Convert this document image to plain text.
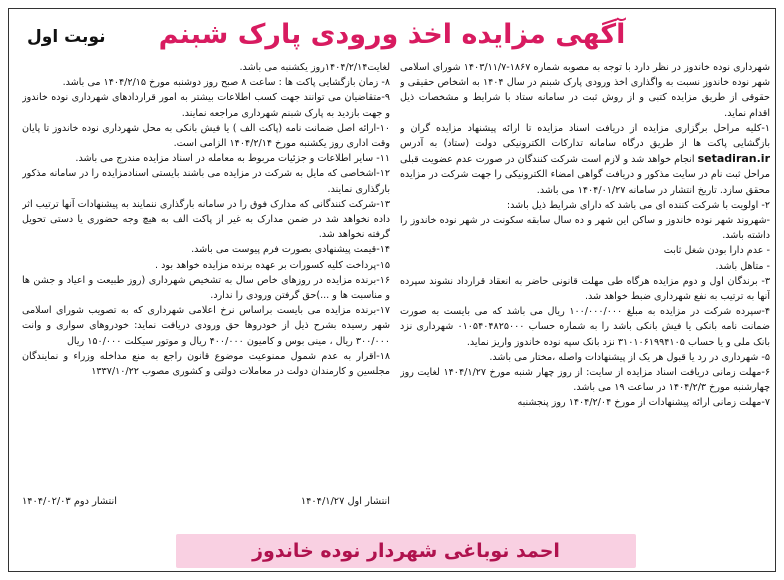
نوبت اول	آگهی مزایده اخذ ورودی پارک شبنم

شهرداری نوده خاندوز در نظر دارد با توجه به مصوبه شماره ۱۸۶۷-۱۴۰۳/۱۱/۷ شورای اسلامی شهر نوده خاندوز نسبت به واگذاری اخذ ورودی پارک شبنم در سال ۱۴۰۴ به اشخاص حقیقی و حقوقی از طریق مزایده کتبی و از روش ثبت در سامانه ستاد با شرایط و مشخصات ذیل اقدام نماید.

۱-کلیه مراحل برگزاری مزایده از دریافت اسناد مزایده تا ارائه پیشنهاد مزایده گران و بازگشایی پاکت ها از طریق درگاه سامانه تدارکات الکترونیکی دولت (ستاد) به آدرس setadiran.ir انجام خواهد شد و لازم است شرکت کنندگان در صورت عدم عضویت قبلی مراحل ثبت نام در سایت مذکور و دریافت گواهی امضاء الکترونیکی را جهت شرکت در مزایده محقق سازد. تاریخ انتشار در سامانه ۱۴۰۴/۰۱/۲۷ می باشد.

۲- اولویت با شرکت کننده ای می باشد که دارای شرایط ذیل باشد:

-شهروند شهر نوده خاندوز و ساکن این شهر و ده سال سابقه سکونت در شهر نوده خاندوز را داشته باشد.

- عدم دارا بودن شغل ثابت

- متاهل باشد.

۳- برندگان اول و دوم مزایده هرگاه طی مهلت قانونی حاضر به انعقاد قرارداد نشوند سپرده آنها به ترتیب به نفع شهرداری ضبط خواهد شد.

۴-سپرده شرکت در مزایده به مبلغ ۱۰۰/۰۰۰/۰۰۰ ریال می باشد که می بایست به صورت ضمانت نامه بانکی یا فیش بانکی باشد را به شماره حساب ۰۱۰۵۴۰۴۸۲۵۰۰۰ شهرداری نزد بانک ملی و یا حساب ۳۱۰۱۰۶۱۹۹۴۱۰۵ نزد بانک سپه نوده خاندوز واریز نماید.

۵- شهرداری در رد یا قبول هر یک از پیشنهادات واصله ،مختار می باشد.

۶-مهلت زمانی دریافت اسناد مزایده از سایت: از روز چهار شنبه مورخ ۱۴۰۴/۱/۲۷ لغایت روز چهارشنبه مورخ ۱۴۰۴/۲/۳ در ساعت ۱۹ می باشد.

۷-مهلت زمانی ارائه پیشنهادات از مورخ ۱۴۰۴/۲/۰۴ روز پنجشنبه

لغایت۱۴۰۴/۲/۱۴روز یکشنبه می باشد.

۸- زمان بازگشایی پاکت ها : ساعت ۸ صبح روز دوشنبه مورخ ۱۴۰۴/۲/۱۵ می باشد.

۹-متقاضیان می توانند جهت کسب اطلاعات بیشتر به امور قراردادهای شهرداری نوده خاندوز و جهت بازدید به پارک شبنم شهرداری مراجعه نمایند.

۱۰-ارائه اصل ضمانت نامه (پاکت الف ) یا فیش بانکی به محل شهرداری نوده خاندوز تا پایان وقت اداری روز یکشنبه مورخ ۱۴۰۴/۲/۱۴ الزامی است.

۱۱- سایر اطلاعات و جزئیات مربوط به معامله در اسناد مزایده مندرج می باشد.

۱۲-اشخاصی که مایل به شرکت در مزایده می باشند بایستی اسنادمزایده را در سامانه مذکور بارگذاری نمایند.

۱۳-شرکت کنندگانی که مدارک فوق را در سامانه بارگذاری ننمایند به پیشنهادات آنها ترتیب اثر داده نخواهد شد در ضمن مدارک به غیر از پاکت الف به هیچ وجه حضوری یا دستی تحویل گرفته نخواهد شد.

۱۴-قیمت پیشنهادی بصورت فرم پیوست می باشد.

۱۵-پرداخت کلیه کسورات بر عهده برنده مزایده خواهد بود .

۱۶-برنده مزایده در روزهای خاص سال به تشخیص شهرداری (روز طبیعت و اعیاد و جشن ها و مناسبت ها و ...)حق گرفتن ورودی را ندارد.

۱۷-برنده مزایده می بایست براساس نرخ اعلامی شهرداری که به تصویب شورای اسلامی شهر رسیده بشرح ذیل از خودروها حق ورودی دریافت نماید: خودروهای سواری و وانت ۳۰۰/۰۰۰ ریال ، مینی بوس و کامیون ۴۰۰/۰۰۰ ریال و موتور سیکلت ۱۵۰/۰۰۰ ریال

۱۸-اقرار به عدم شمول ممنوعیت موضوع قانون راجع به منع مداخله وزراء و نمایندگان مجلسین و کارمندان دولت در معاملات دولتی و کشوری مصوب ۱۳۳۷/۱۰/۲۲

انتشار اول ۱۴۰۴/۱/۲۷
انتشار دوم ۱۴۰۴/۰۲/۰۳
احمد نوباغی شهردار نوده خاندوز
